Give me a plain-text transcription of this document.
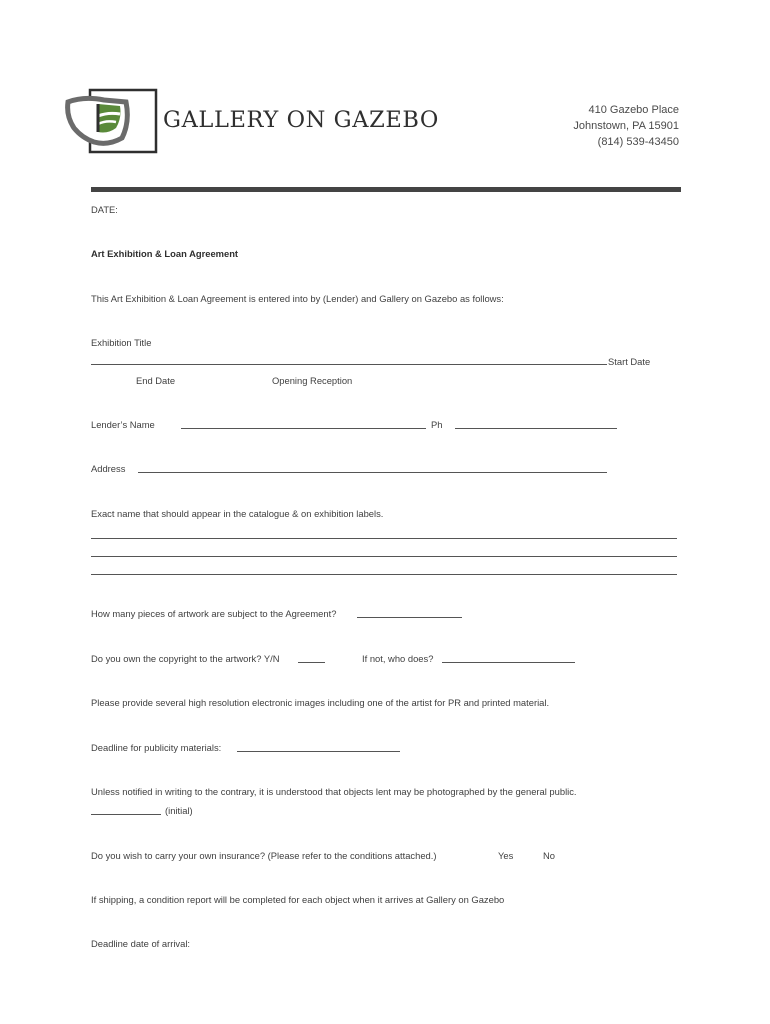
GALLERY ON GAZEBO	410 Gazebo Place
Johnstown, PA 15901
(814) 539-43450
DATE:
Art Exhibition & Loan Agreement
This Art Exhibition & Loan Agreement is entered into by (Lender) and Gallery on Gazebo as follows:
Exhibition Title
Start Date
End Date	Opening Reception
Lender’s Name	Ph
Address
Exact name that should appear in the catalogue & on exhibition labels.
How many pieces of artwork are subject to the Agreement?
Do you own the copyright to the artwork? Y/N	If not, who does?
Please provide several high resolution electronic images including one of the artist for PR and printed material.
Deadline for publicity materials:
Unless notified in writing to the contrary, it is understood that objects lent may be photographed by the general public.
(initial)
Do you wish to carry your own insurance? (Please refer to the conditions attached.)	Yes	No
If shipping, a condition report will be completed for each object when it arrives at Gallery on Gazebo
Deadline date of arrival:
